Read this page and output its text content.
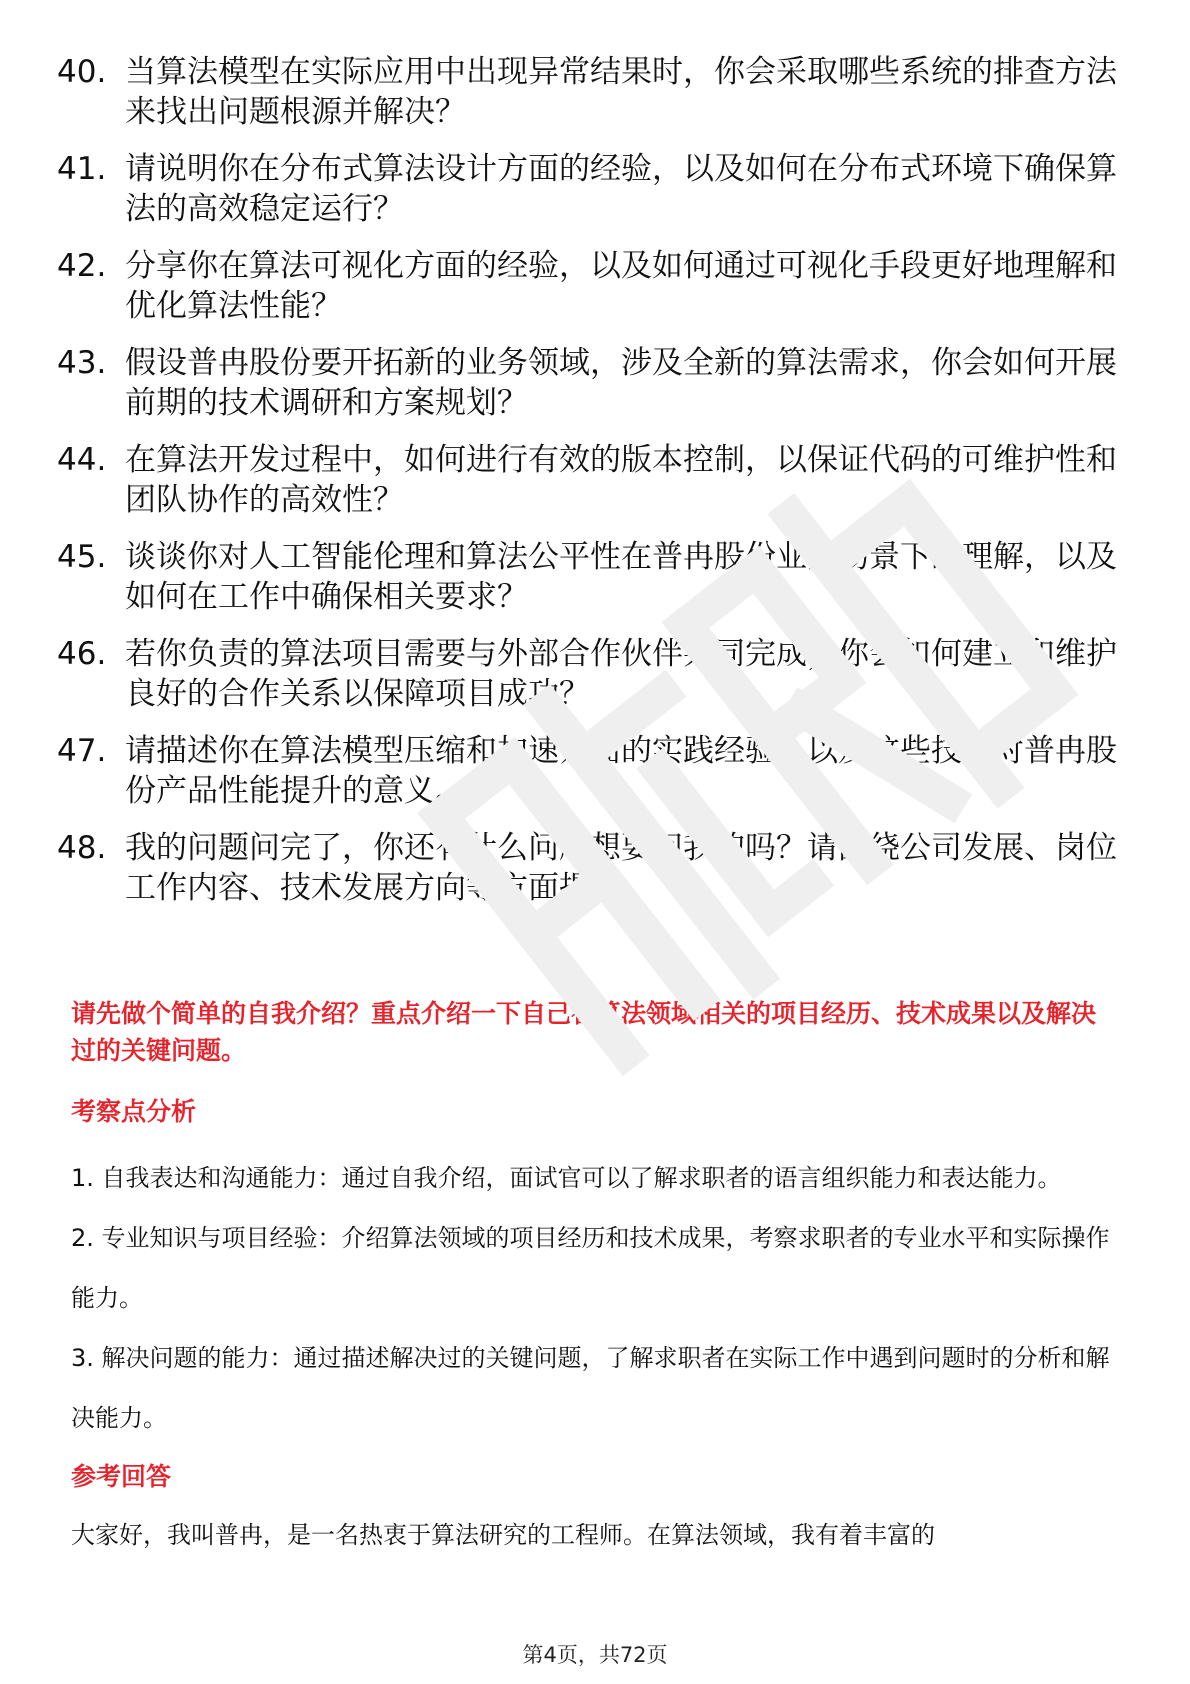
40. 当算法模型在实际应用中出现异常结果时，你会采取哪些系统的排查方法来找出问题根源并解决？
41. 请说明你在分布式算法设计方面的经验，以及如何在分布式环境下确保算法的高效稳定运行？
42. 分享你在算法可视化方面的经验，以及如何通过可视化手段更好地理解和优化算法性能？
43. 假设普冉股份要开拓新的业务领域，涉及全新的算法需求，你会如何开展前期的技术调研和方案规划？
44. 在算法开发过程中，如何进行有效的版本控制，以保证代码的可维护性和团队协作的高效性？
45. 谈谈你对人工智能伦理和算法公平性在普冉股份业务场景下的理解，以及如何在工作中确保相关要求？
46. 若你负责的算法项目需要与外部合作伙伴共同完成，你会如何建立和维护良好的合作关系以保障项目成功？
47. 请描述你在算法模型压缩和加速方面的实践经验，以及这些技术对普冉股份产品性能提升的意义。
48. 我的问题问完了，你还有什么问题想要问我的吗？请围绕公司发展、岗位工作内容、技术发展方向等方面提问。

请先做个简单的自我介绍？重点介绍一下自己在算法领域相关的项目经历、技术成果以及解决过的关键问题。

考察点分析
1. 自我表达和沟通能力：通过自我介绍，面试官可以了解求职者的语言组织能力和表达能力。
2. 专业知识与项目经验：介绍算法领域的项目经历和技术成果，考察求职者的专业水平和实际操作能力。
3. 解决问题的能力：通过描述解决过的关键问题，了解求职者在实际工作中遇到问题时的分析和解决能力。
参考回答

大家好，我叫普冉，是一名热衷于算法研究的工程师。在算法领域，我有着丰富的

第4页，共72页
